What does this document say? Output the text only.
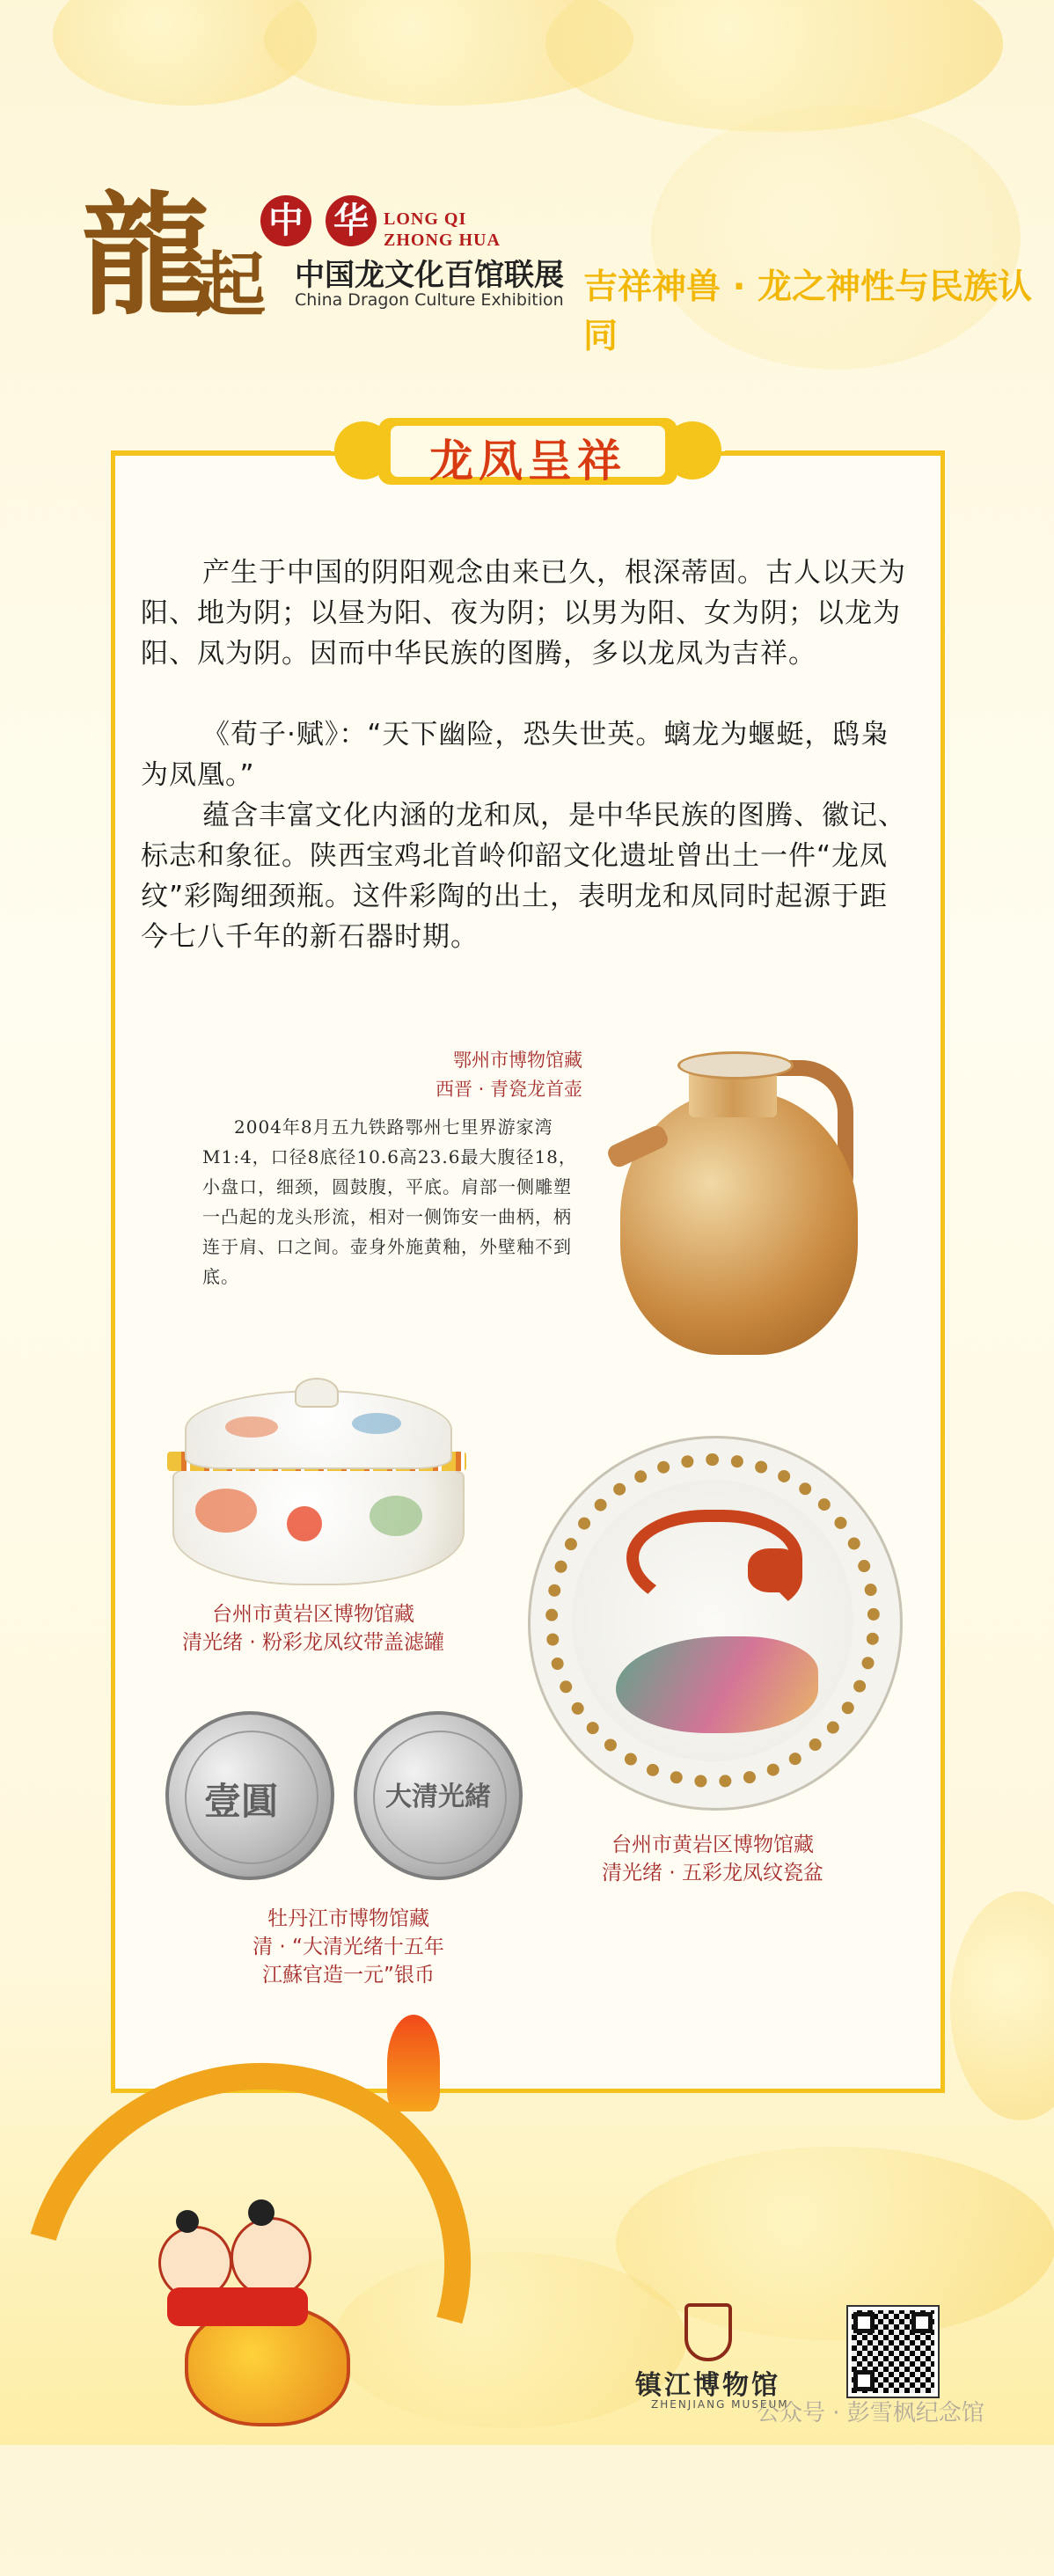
龍
起
中 华 LONG QI
ZHONG HUA
中国龙文化百馆联展
China Dragon Culture Exhibition 吉祥神兽 · 龙之神性与民族认同
龙凤呈祥
产生于中国的阴阳观念由来已久，根深蒂固。古人以天为阳、地为阴；以昼为阳、夜为阴；以男为阳、女为阴；以龙为阳、凤为阴。因而中华民族的图腾，多以龙凤为吉祥。
《荀子·赋》：“天下幽险，恐失世英。螭龙为蝘蜓，鸱枭为凤凰。”
蕴含丰富文化内涵的龙和凤，是中华民族的图腾、徽记、标志和象征。陕西宝鸡北首岭仰韶文化遗址曾出土一件“龙凤纹”彩陶细颈瓶。这件彩陶的出土，表明龙和凤同时起源于距今七八千年的新石器时期。
鄂州市博物馆藏
西晋 · 青瓷龙首壶
2004年8月五九铁路鄂州七里界游家湾M1:4，口径8底径10.6高23.6最大腹径18，小盘口，细颈，圆鼓腹，平底。肩部一侧雕塑一凸起的龙头形流，相对一侧饰安一曲柄，柄连于肩、口之间。壶身外施黄釉，外壁釉不到底。
台州市黄岩区博物馆藏
清光绪 · 粉彩龙凤纹带盖滤罐
台州市黄岩区博物馆藏
清光绪 · 五彩龙凤纹瓷盆
壹圓	大清光緒
牡丹江市博物馆藏
清 · “大清光绪十五年
江蘇官造一元”银币
镇江博物馆
ZHENJIANG MUSEUM
公众号 · 彭雪枫纪念馆
